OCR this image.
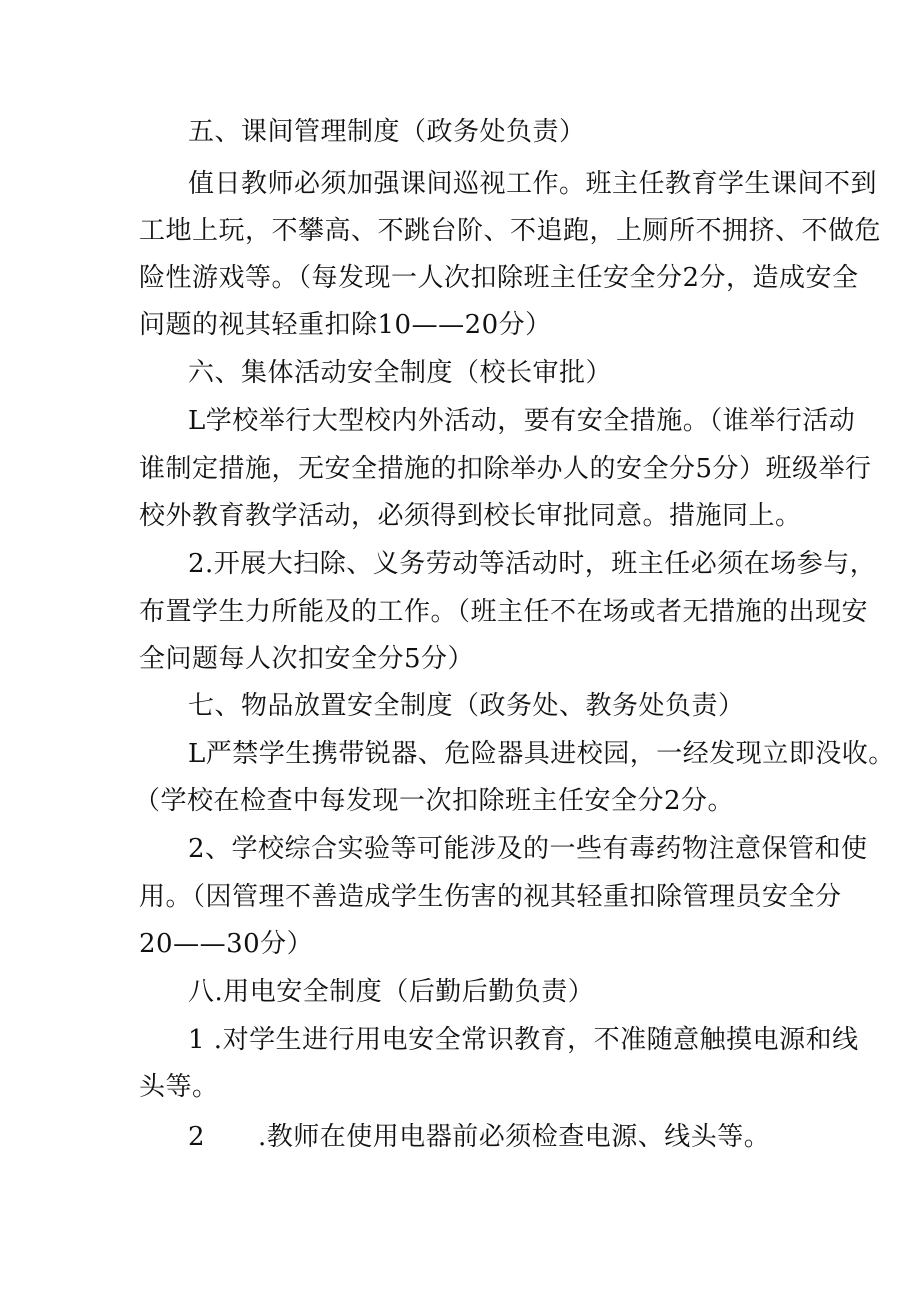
五、课间管理制度（政务处负责）
值日教师必须加强课间巡视工作。班主任教育学生课间不到
工地上玩，不攀高、不跳台阶、不追跑，上厕所不拥挤、不做危
险性游戏等。（每发现一人次扣除班主任安全分2分，造成安全
问题的视其轻重扣除10——20分）
六、集体活动安全制度（校长审批）
L学校举行大型校内外活动，要有安全措施。（谁举行活动
谁制定措施，无安全措施的扣除举办人的安全分5分）班级举行
校外教育教学活动，必须得到校长审批同意。措施同上。
2.开展大扫除、义务劳动等活动时，班主任必须在场参与，
布置学生力所能及的工作。（班主任不在场或者无措施的出现安
全问题每人次扣安全分5分）
七、物品放置安全制度（政务处、教务处负责）
L严禁学生携带锐器、危险器具进校园，一经发现立即没收。
（学校在检查中每发现一次扣除班主任安全分2分。
2、学校综合实验等可能涉及的一些有毒药物注意保管和使
用。（因管理不善造成学生伤害的视其轻重扣除管理员安全分
20——30分）
八.用电安全制度（后勤后勤负责）
1 .对学生进行用电安全常识教育，不准随意触摸电源和线
头等。
2　　.教师在使用电器前必须检查电源、线头等。
